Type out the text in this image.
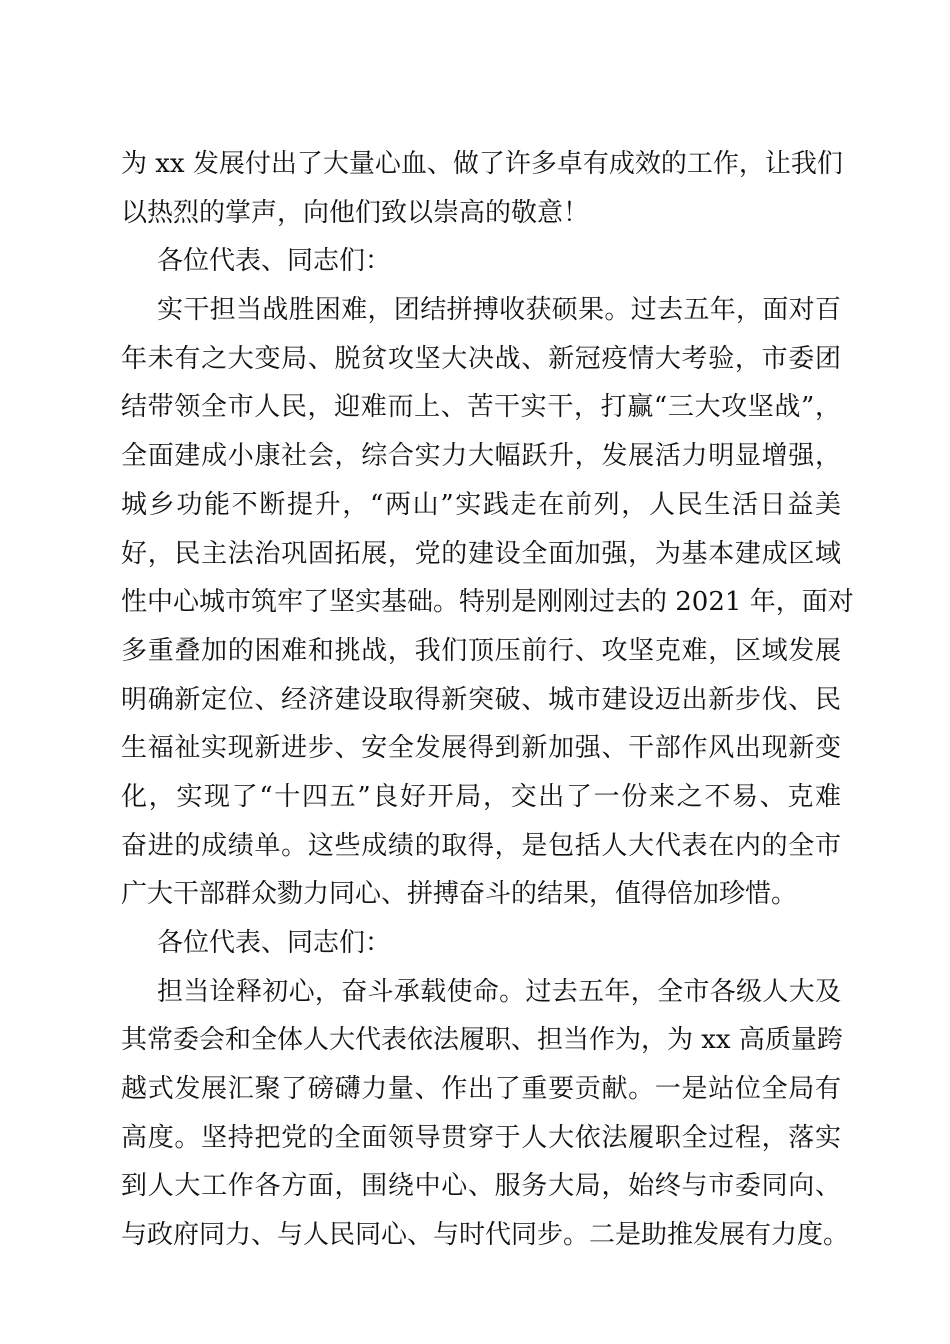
为 xx 发展付出了大量心血、做了许多卓有成效的工作，让我们
以热烈的掌声，向他们致以崇高的敬意！
各位代表、同志们：
实干担当战胜困难，团结拼搏收获硕果。过去五年，面对百
年未有之大变局、脱贫攻坚大决战、新冠疫情大考验，市委团
结带领全市人民，迎难而上、苦干实干，打赢“三大攻坚战”，
全面建成小康社会，综合实力大幅跃升，发展活力明显增强，
城乡功能不断提升，“两山”实践走在前列，人民生活日益美
好，民主法治巩固拓展，党的建设全面加强，为基本建成区域
性中心城市筑牢了坚实基础。特别是刚刚过去的 2021 年，面对
多重叠加的困难和挑战，我们顶压前行、攻坚克难，区域发展
明确新定位、经济建设取得新突破、城市建设迈出新步伐、民
生福祉实现新进步、安全发展得到新加强、干部作风出现新变
化，实现了“十四五”良好开局，交出了一份来之不易、克难
奋进的成绩单。这些成绩的取得，是包括人大代表在内的全市
广大干部群众勠力同心、拼搏奋斗的结果，值得倍加珍惜。
各位代表、同志们：
担当诠释初心，奋斗承载使命。过去五年，全市各级人大及
其常委会和全体人大代表依法履职、担当作为，为 xx 高质量跨
越式发展汇聚了磅礴力量、作出了重要贡献。一是站位全局有
高度。坚持把党的全面领导贯穿于人大依法履职全过程，落实
到人大工作各方面，围绕中心、服务大局，始终与市委同向、
与政府同力、与人民同心、与时代同步。二是助推发展有力度。
